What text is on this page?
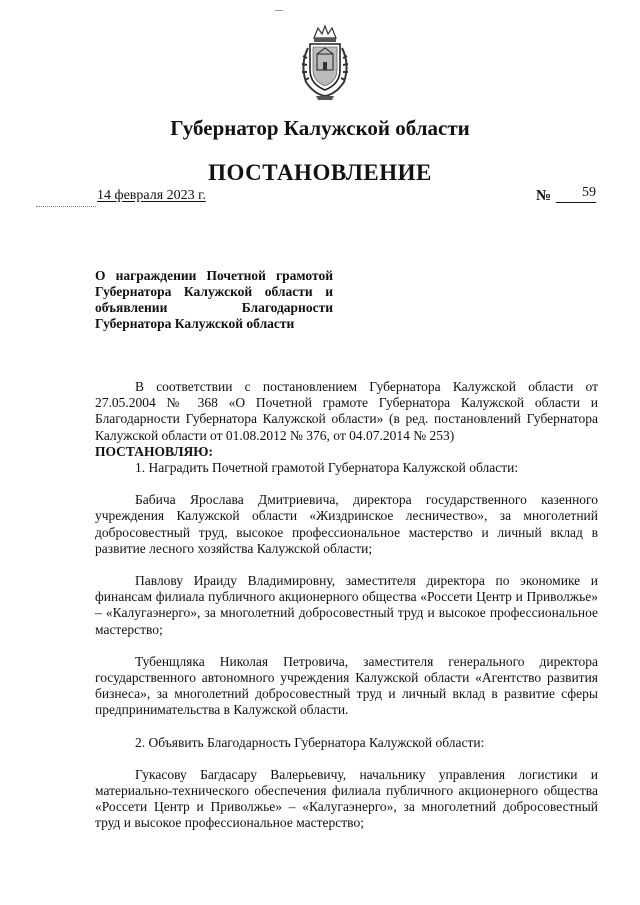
Губернатор Калужской области
ПОСТАНОВЛЕНИЕ
14 февраля 2023 г.	№	59
О награждении Почетной грамотой Губернатора Калужской области и объявлении Благодарности Губернатора Калужской области

В соответствии с постановлением Губернатора Калужской области от 27.05.2004 № 368 «О Почетной грамоте Губернатора Калужской области и Благодарности Губернатора Калужской области» (в ред. постановлений Губернатора Калужской области от 01.08.2012 № 376, от 04.07.2014 № 253)

ПОСТАНОВЛЯЮ:

1. Наградить Почетной грамотой Губернатора Калужской области:

Бабича Ярослава Дмитриевича, директора государственного казенного учреждения Калужской области «Жиздринское лесничество», за многолетний добросовестный труд, высокое профессиональное мастерство и личный вклад в развитие лесного хозяйства Калужской области;

Павлову Ираиду Владимировну, заместителя директора по экономике и финансам филиала публичного акционерного общества «Россети Центр и Приволжье» – «Калугаэнерго», за многолетний добросовестный труд и высокое профессиональное мастерство;

Тубенщляка Николая Петровича, заместителя генерального директора государственного автономного учреждения Калужской области «Агентство развития бизнеса», за многолетний добросовестный труд и личный вклад в развитие сферы предпринимательства в Калужской области.

2. Объявить Благодарность Губернатора Калужской области:

Гукасову Багдасару Валерьевичу, начальнику управления логистики и материально-технического обеспечения филиала публичного акционерного общества «Россети Центр и Приволжье» – «Калугаэнерго», за многолетний добросовестный труд и высокое профессиональное мастерство;
